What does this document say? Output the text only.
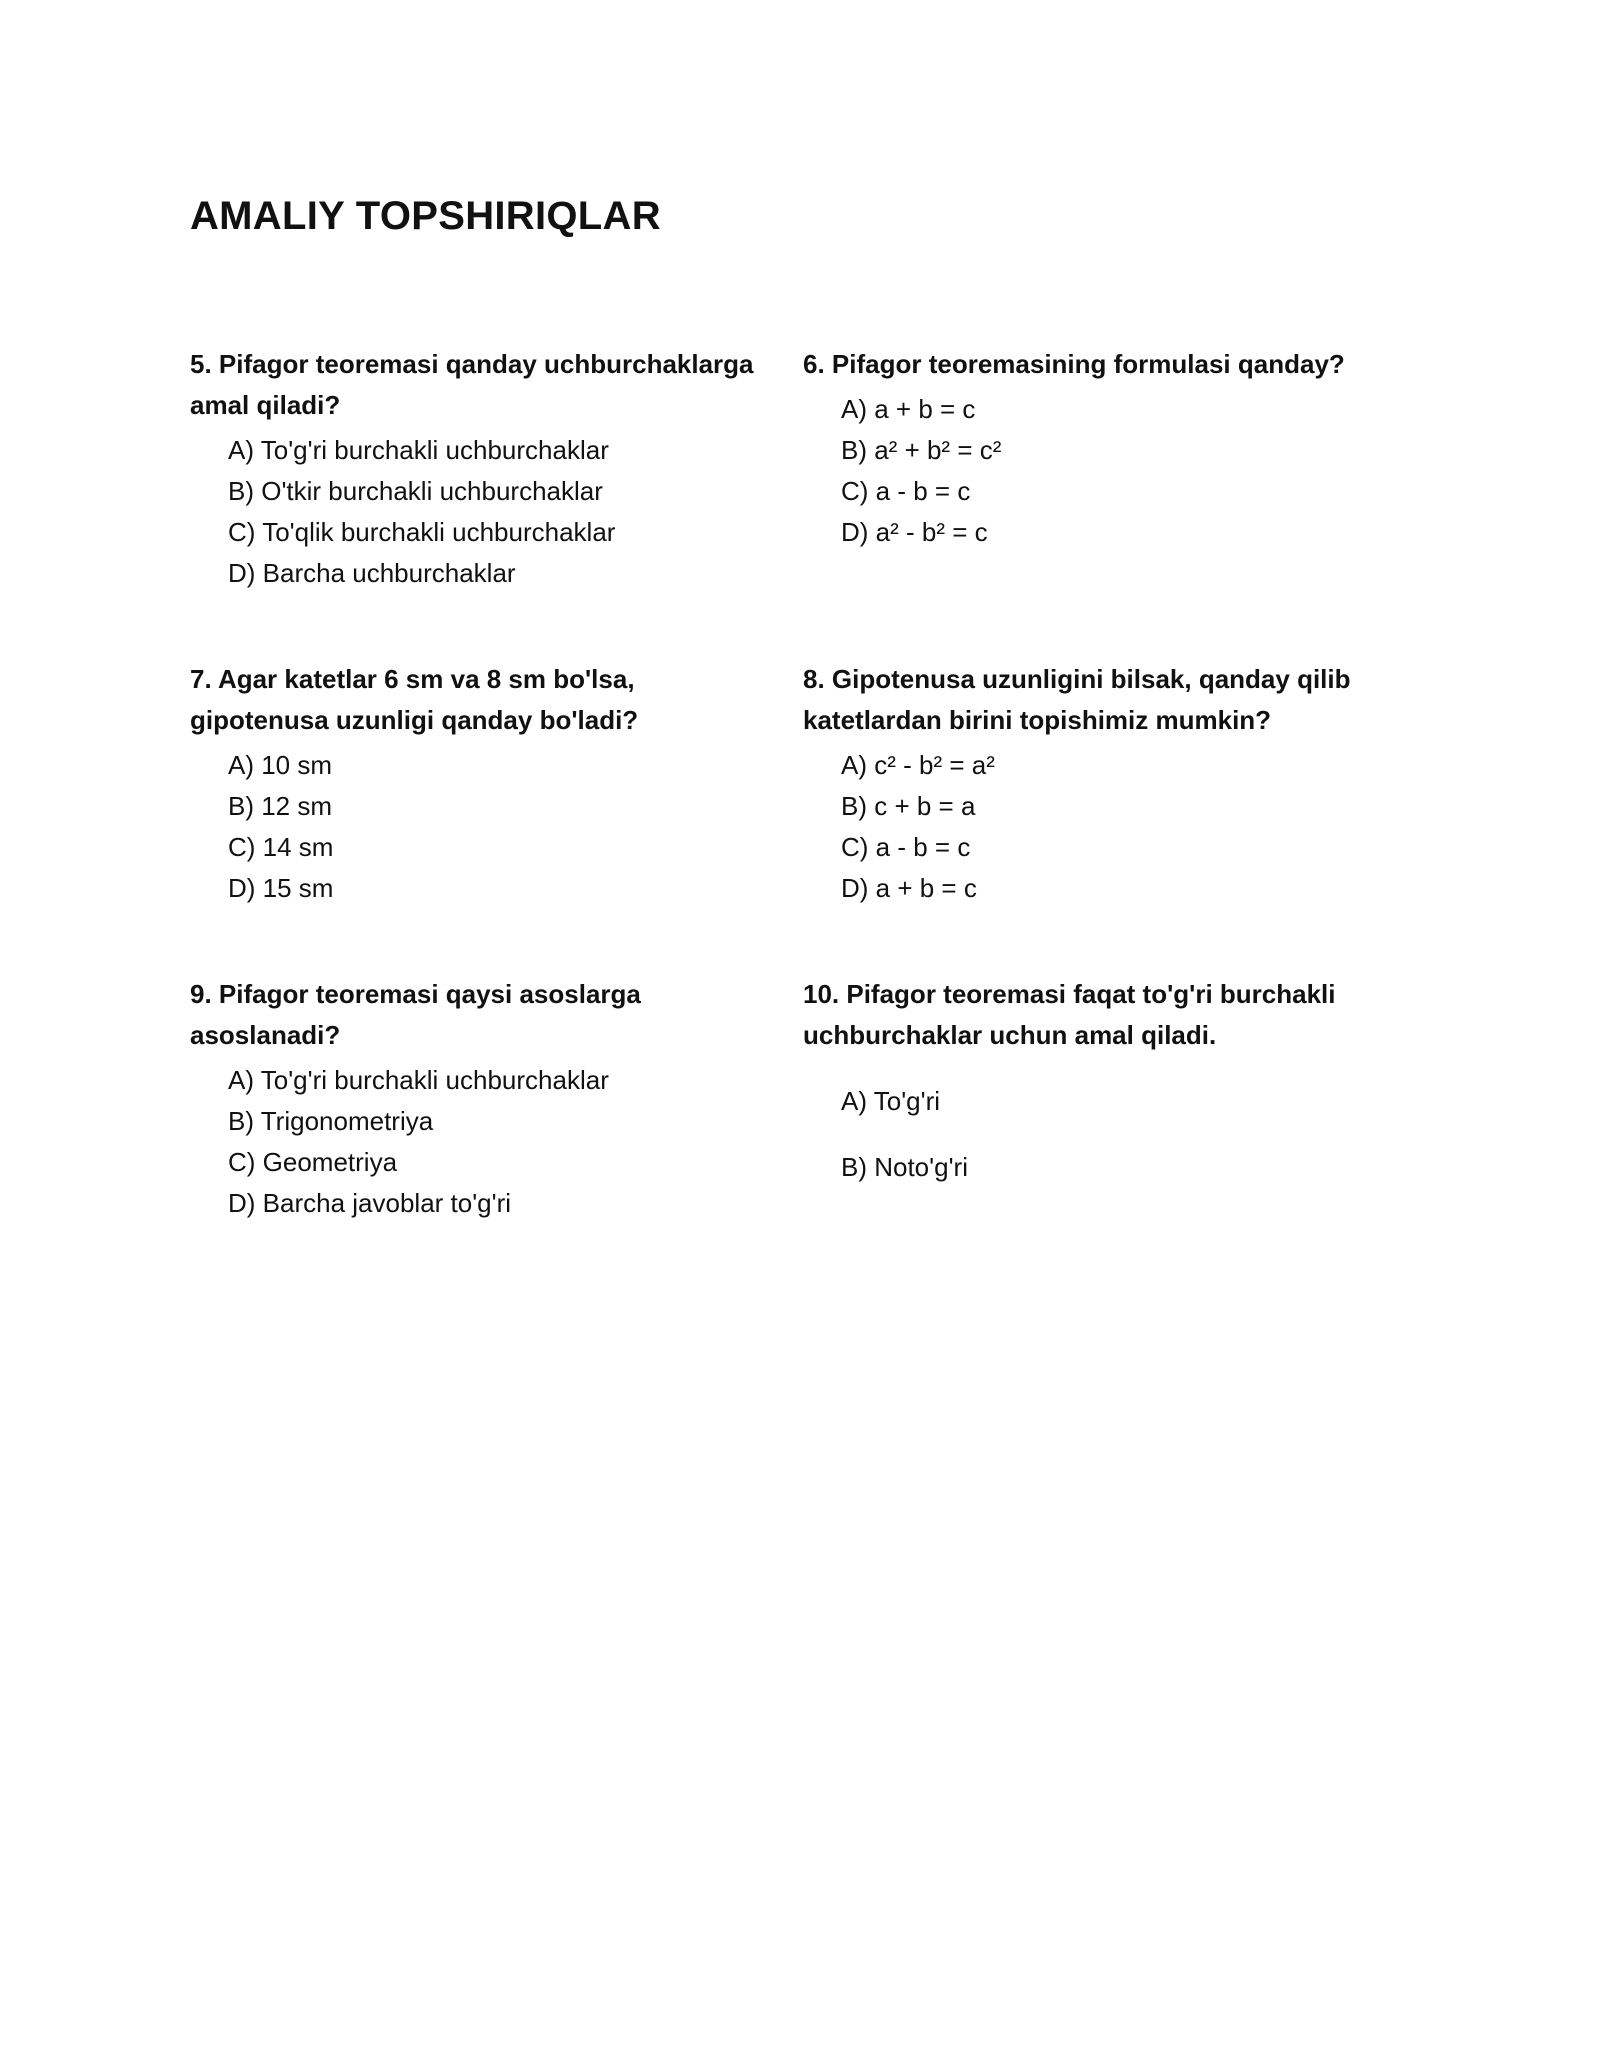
AMALIY TOPSHIRIQLAR

5. Pifagor teoremasi qanday uchburchaklarga amal qiladi?

A) To'g'ri burchakli uchburchaklar
B) O'tkir burchakli uchburchaklar
C) To'qlik burchakli uchburchaklar
D) Barcha uchburchaklar

6. Pifagor teoremasining formulasi qanday?

A) a + b = c
B) a² + b² = c²
C) a - b = c
D) a² - b² = c

7. Agar katetlar 6 sm va 8 sm bo'lsa, gipotenusa uzunligi qanday bo'ladi?

A) 10 sm
B) 12 sm
C) 14 sm
D) 15 sm

8. Gipotenusa uzunligini bilsak, qanday qilib katetlardan birini topishimiz mumkin?

A) c² - b² = a²
B) c + b = a
C) a - b = c
D) a + b = c

9. Pifagor teoremasi qaysi asoslarga asoslanadi?

A) To'g'ri burchakli uchburchaklar
B) Trigonometriya
C) Geometriya
D) Barcha javoblar to'g'ri

10. Pifagor teoremasi faqat to'g'ri burchakli uchburchaklar uchun amal qiladi.

A) To'g'ri
B) Noto'g'ri
